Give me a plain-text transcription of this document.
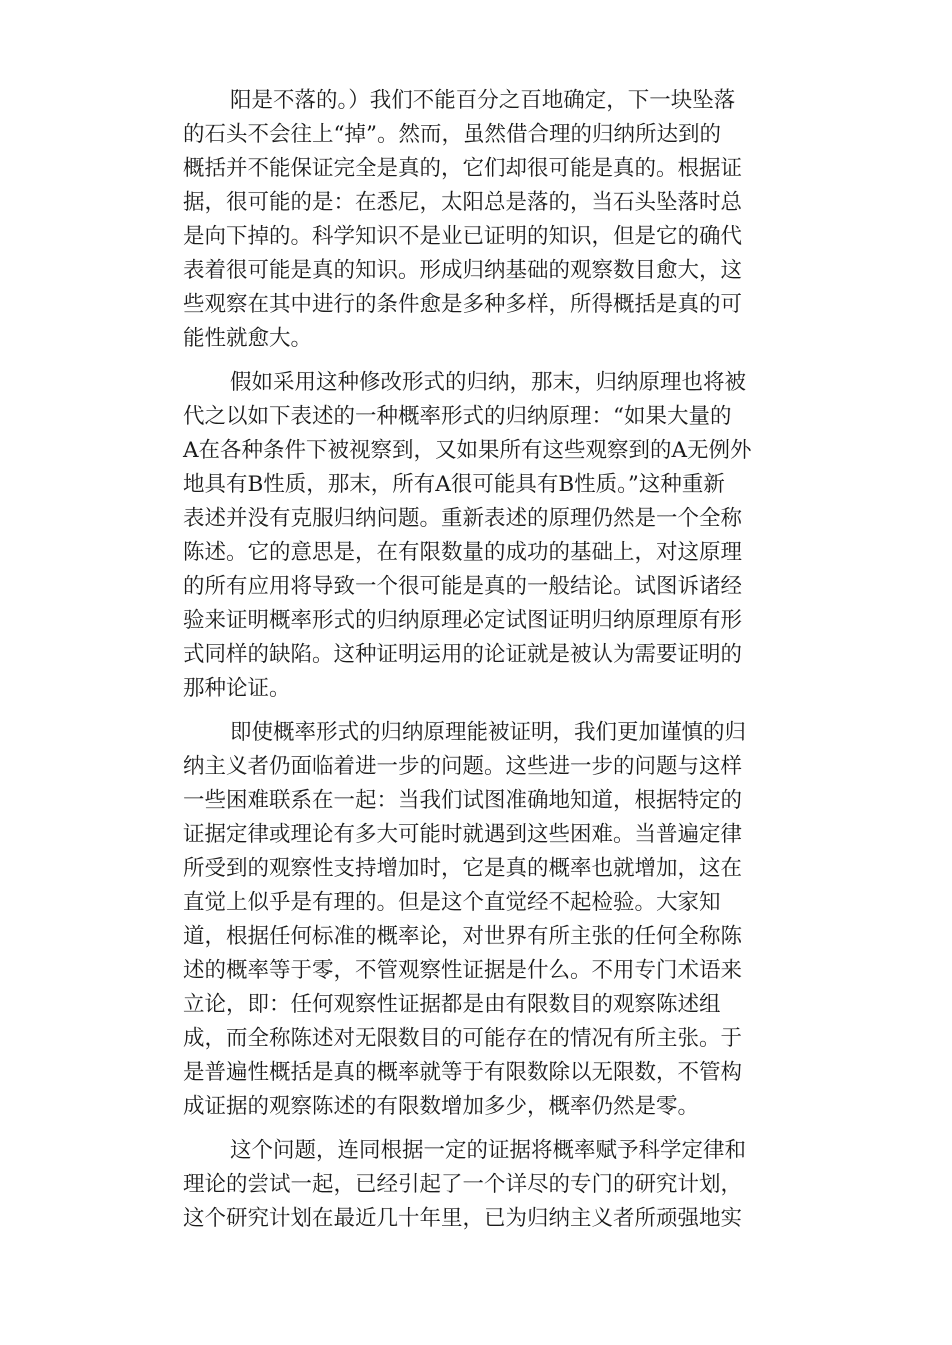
阳是不落的。）我们不能百分之百地确定，下一块坠落
的石头不会往上“掉”。然而，虽然借合理的归纳所达到的
概括并不能保证完全是真的，它们却很可能是真的。根据证
据，很可能的是：在悉尼，太阳总是落的，当石头坠落时总
是向下掉的。科学知识不是业已证明的知识，但是它的确代
表着很可能是真的知识。形成归纳基础的观察数目愈大，这
些观察在其中进行的条件愈是多种多样，所得概括是真的可
能性就愈大。
假如采用这种修改形式的归纳，那末，归纳原理也将被
代之以如下表述的一种概率形式的归纳原理：“如果大量的
A在各种条件下被视察到，又如果所有这些观察到的A无例外
地具有B性质，那末，所有A很可能具有B性质。”这种重新
表述并没有克服归纳问题。重新表述的原理仍然是一个全称
陈述。它的意思是，在有限数量的成功的基础上，对这原理
的所有应用将导致一个很可能是真的一般结论。试图诉诸经
验来证明概率形式的归纳原理必定试图证明归纳原理原有形
式同样的缺陷。这种证明运用的论证就是被认为需要证明的
那种论证。
即使概率形式的归纳原理能被证明，我们更加谨慎的归
纳主义者仍面临着进一步的问题。这些进一步的问题与这样
一些困难联系在一起：当我们试图准确地知道，根据特定的
证据定律或理论有多大可能时就遇到这些困难。当普遍定律
所受到的观察性支持增加时，它是真的概率也就增加，这在
直觉上似乎是有理的。但是这个直觉经不起检验。大家知
道，根据任何标准的概率论，对世界有所主张的任何全称陈
述的概率等于零，不管观察性证据是什么。不用专门术语来
立论，即：任何观察性证据都是由有限数目的观察陈述组
成，而全称陈述对无限数目的可能存在的情况有所主张。于
是普遍性概括是真的概率就等于有限数除以无限数，不管构
成证据的观察陈述的有限数增加多少，概率仍然是零。
这个问题，连同根据一定的证据将概率赋予科学定律和
理论的尝试一起，已经引起了一个详尽的专门的研究计划，
这个研究计划在最近几十年里，已为归纳主义者所顽强地实
